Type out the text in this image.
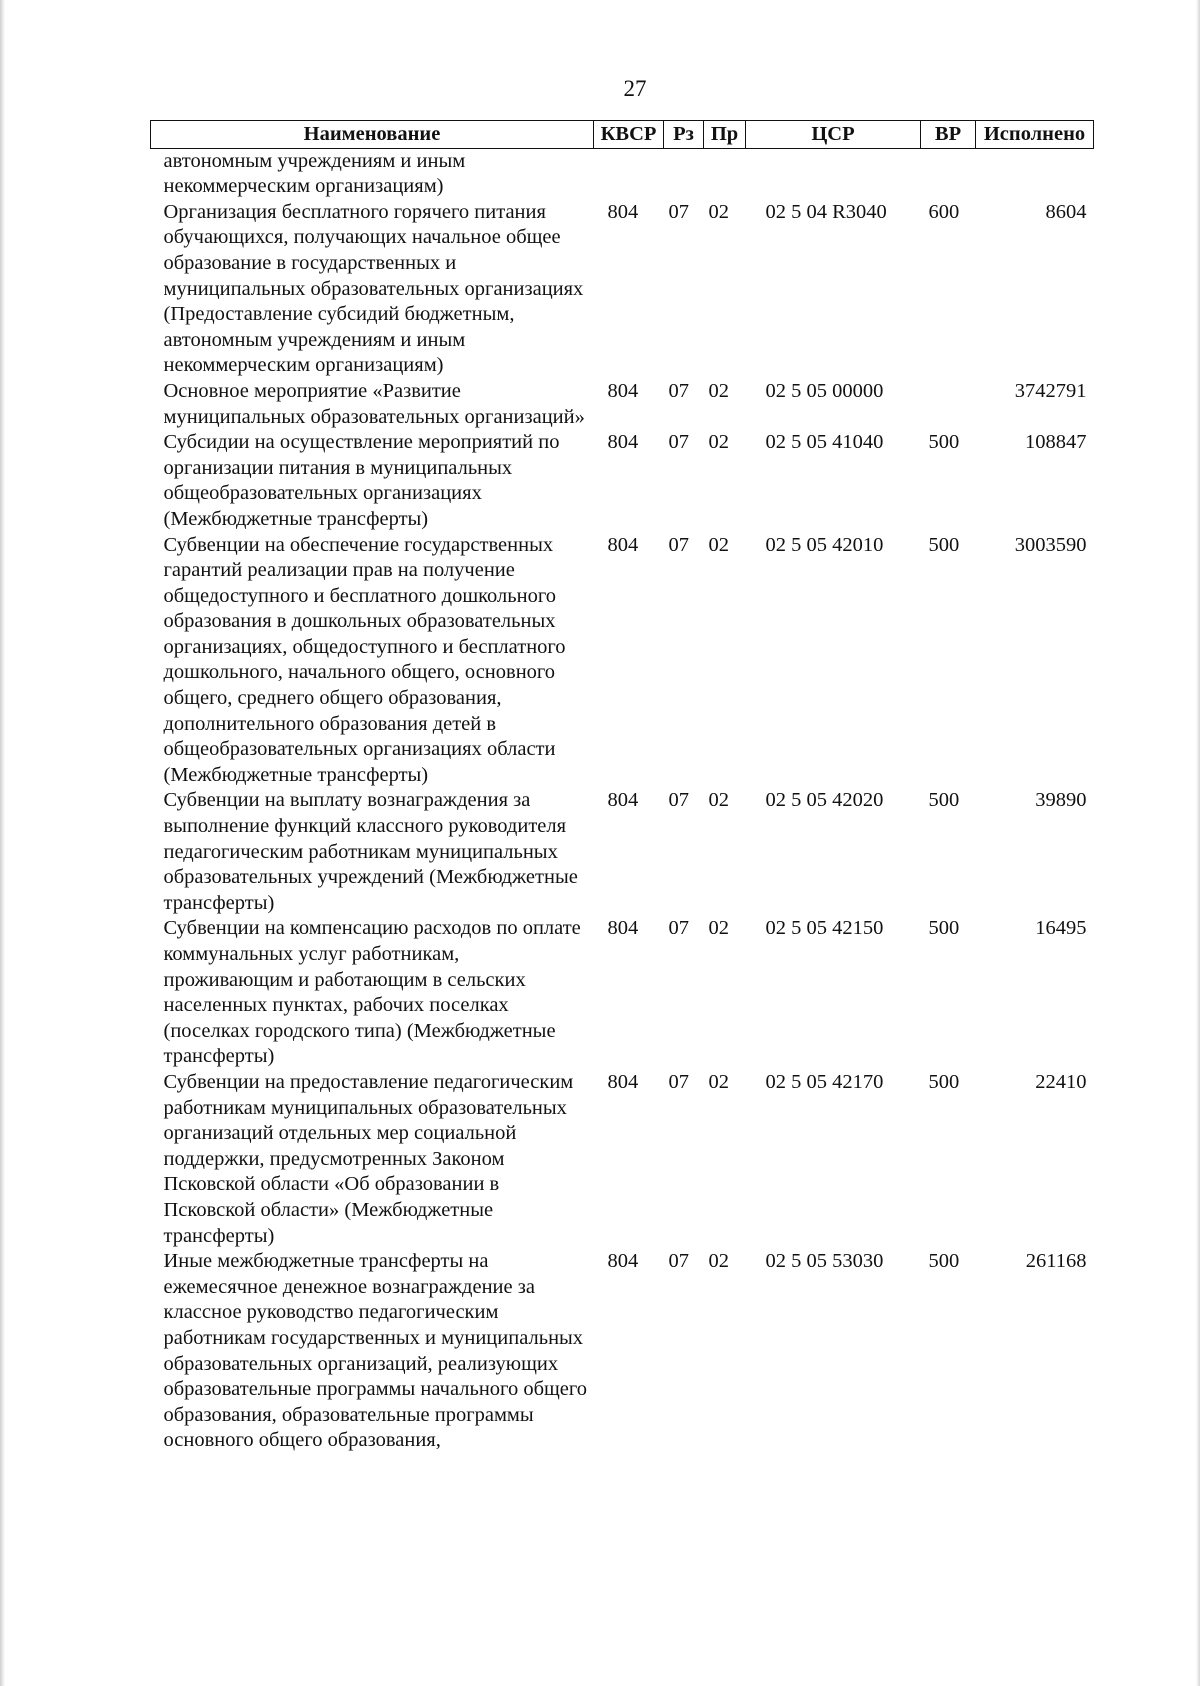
27
Наименование	КВСР	Рз	Пр	ЦСР	ВР	Исполнено
автономным учреждениям и иным некоммерческим организациям)						
Организация бесплатного горячего питания обучающихся, получающих начальное общее образование в государственных и муниципальных образовательных организациях (Предоставление субсидий бюджетным, автономным учреждениям и иным некоммерческим организациям)	804	07	02	02 5 04 R3040	600	8604
Основное мероприятие «Развитие муниципальных образовательных организаций»	804	07	02	02 5 05 00000		3742791
Субсидии на осуществление мероприятий по организации питания в муниципальных общеобразовательных организациях (Межбюджетные трансферты)	804	07	02	02 5 05 41040	500	108847
Субвенции на обеспечение государственных гарантий реализации прав на получение общедоступного и бесплатного дошкольного образования в дошкольных образовательных организациях, общедоступного и бесплатного дошкольного, начального общего, основного общего, среднего общего образования, дополнительного образования детей в общеобразовательных организациях области (Межбюджетные трансферты)	804	07	02	02 5 05 42010	500	3003590
Субвенции на выплату вознаграждения за выполнение функций классного руководителя педагогическим работникам муниципальных образовательных учреждений (Межбюджетные трансферты)	804	07	02	02 5 05 42020	500	39890
Субвенции на компенсацию расходов по оплате коммунальных услуг работникам, проживающим и работающим в сельских населенных пунктах, рабочих поселках (поселках городского типа) (Межбюджетные трансферты)	804	07	02	02 5 05 42150	500	16495
Субвенции на предоставление педагогическим работникам муниципальных образовательных организаций отдельных мер социальной поддержки, предусмотренных Законом Псковской области «Об образовании в Псковской области» (Межбюджетные трансферты)	804	07	02	02 5 05 42170	500	22410
Иные межбюджетные трансферты на ежемесячное денежное вознаграждение за классное руководство педагогическим работникам государственных и муниципальных образовательных организаций, реализующих образовательные программы начального общего образования, образовательные программы основного общего образования,	804	07	02	02 5 05 53030	500	261168
